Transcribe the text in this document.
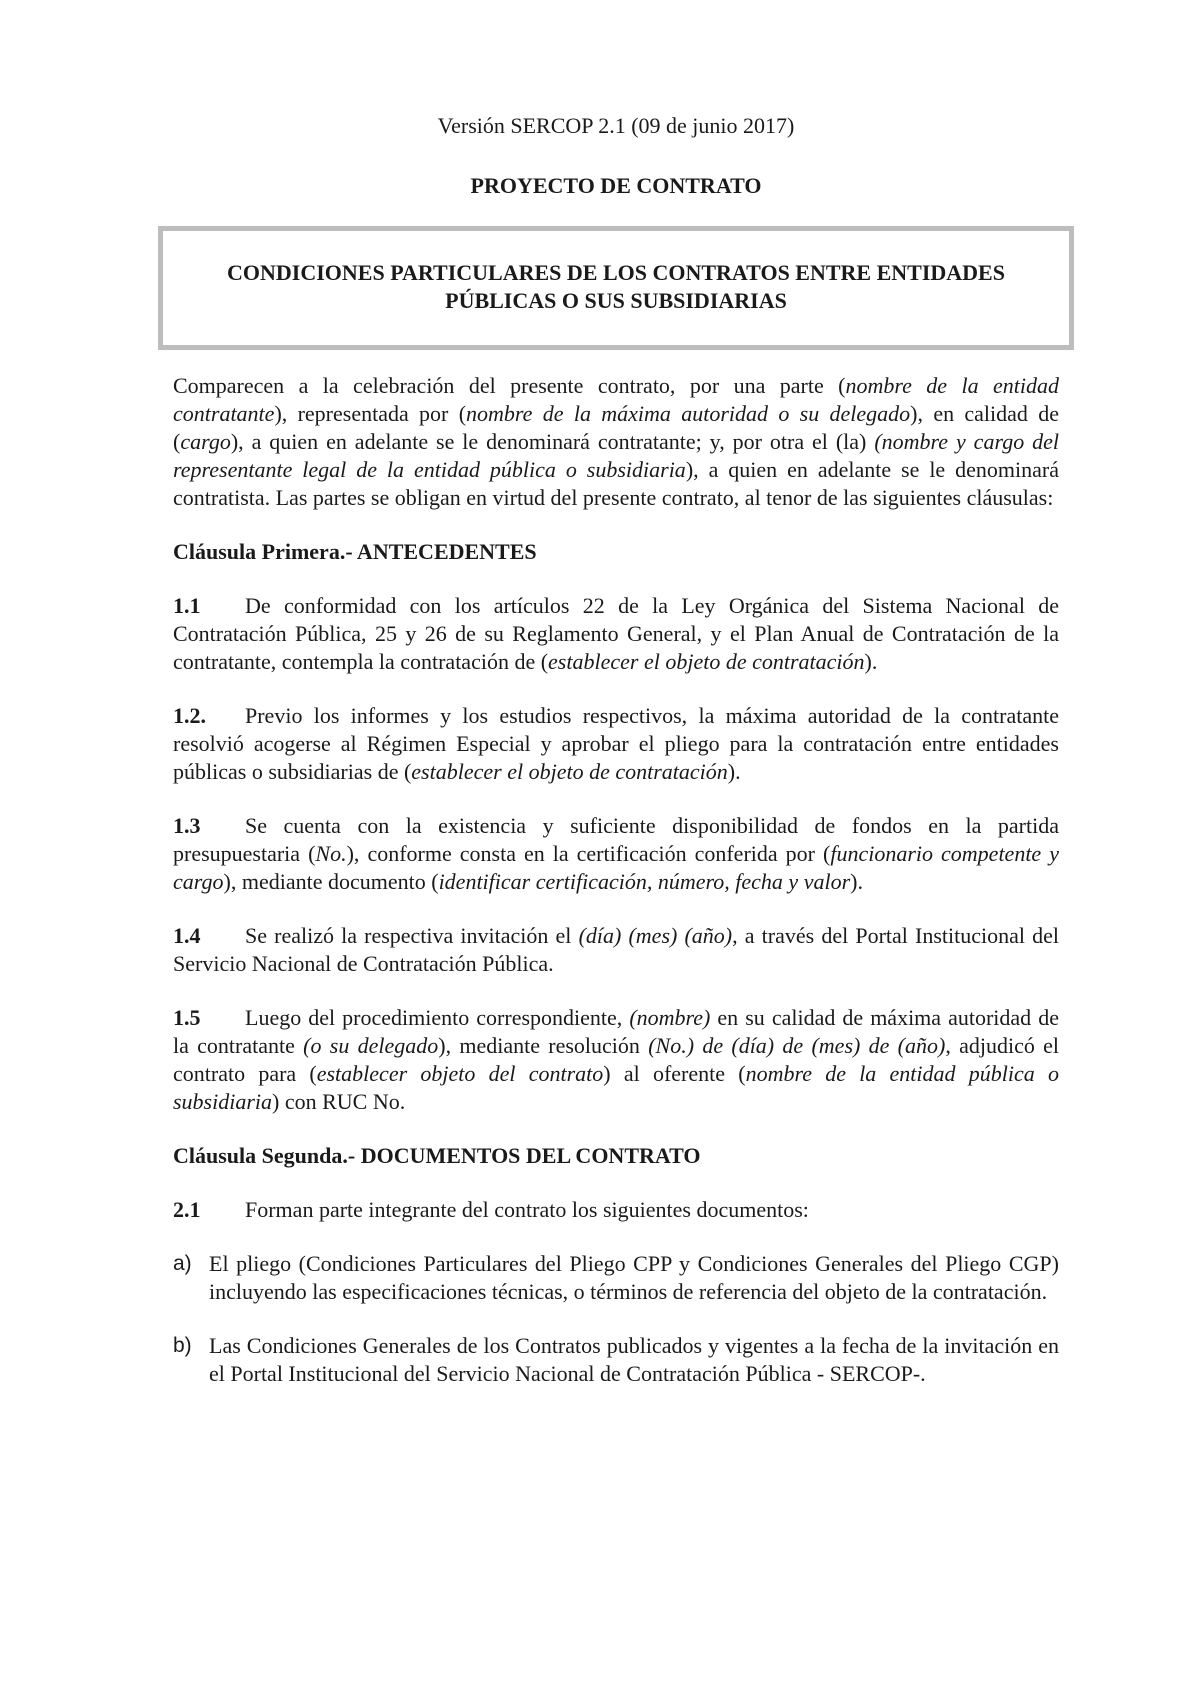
Versión SERCOP 2.1 (09 de junio 2017)
PROYECTO DE CONTRATO
CONDICIONES PARTICULARES DE LOS CONTRATOS ENTRE ENTIDADES
PÚBLICAS O SUS SUBSIDIARIAS

Comparecen a la celebración del presente contrato, por una parte (nombre de la entidad contratante), representada por (nombre de la máxima autoridad o su delegado), en calidad de (cargo), a quien en adelante se le denominará contratante; y, por otra el (la) (nombre y cargo del representante legal de la entidad pública o subsidiaria), a quien en adelante se le denominará contratista. Las partes se obligan en virtud del presente contrato, al tenor de las siguientes cláusulas:

Cláusula Primera.- ANTECEDENTES

1.1 De conformidad con los artículos 22 de la Ley Orgánica del Sistema Nacional de Contratación Pública, 25 y 26 de su Reglamento General, y el Plan Anual de Contratación de la contratante, contempla la contratación de (establecer el objeto de contratación).

1.2. Previo los informes y los estudios respectivos, la máxima autoridad de la contratante resolvió acogerse al Régimen Especial y aprobar el pliego para la contratación entre entidades públicas o subsidiarias de (establecer el objeto de contratación).

1.3 Se cuenta con la existencia y suficiente disponibilidad de fondos en la partida presupuestaria (No.), conforme consta en la certificación conferida por (funcionario competente y cargo), mediante documento (identificar certificación, número, fecha y valor).

1.4 Se realizó la respectiva invitación el (día) (mes) (año), a través del Portal Institucional del Servicio Nacional de Contratación Pública.

1.5 Luego del procedimiento correspondiente, (nombre) en su calidad de máxima autoridad de la contratante (o su delegado), mediante resolución (No.) de (día) de (mes) de (año), adjudicó el contrato para (establecer objeto del contrato) al oferente (nombre de la entidad pública o subsidiaria) con RUC No.

Cláusula Segunda.- DOCUMENTOS DEL CONTRATO

2.1 Forman parte integrante del contrato los siguientes documentos:

a) El pliego (Condiciones Particulares del Pliego CPP y Condiciones Generales del Pliego CGP) incluyendo las especificaciones técnicas, o términos de referencia del objeto de la contratación.
b) Las Condiciones Generales de los Contratos publicados y vigentes a la fecha de la invitación en el Portal Institucional del Servicio Nacional de Contratación Pública - SERCOP-.
